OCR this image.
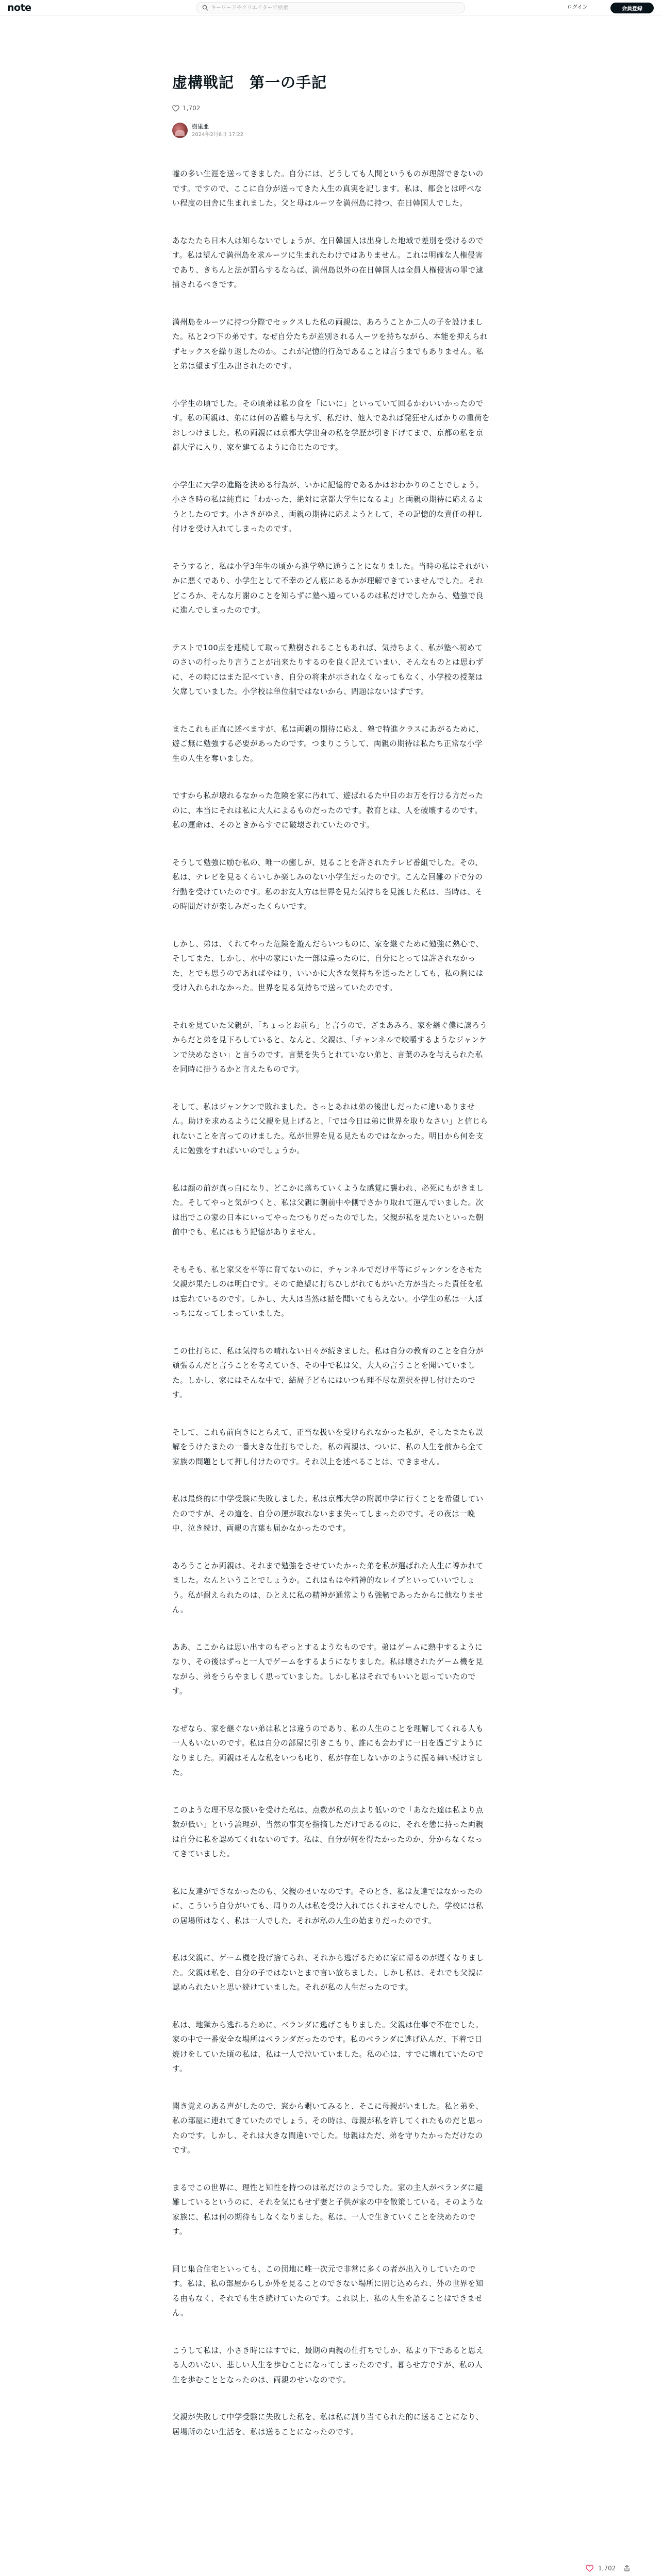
note
キーワードやクリエイターで検索	ログイン	会員登録
虚構戦記　第一の手記
1,702
樹里亜
2024年2月6日 17:22

嘘の多い生涯を送ってきました。自分には、どうしても人間というものが理解できないのです。ですので、ここに自分が送ってきた人生の真実を記します。私は、都会とは呼べない程度の田舎に生まれました。父と母はルーツを満州島に持つ、在日韓国人でした。

あなたたち日本人は知らないでしょうが、在日韓国人は出身した地域で差別を受けるのです。私は望んで満州島を求ルーツに生まれたわけではありません。これは明確な人権侵害であり、きちんと法が罰らするならば、満州島以外の在日韓国人は全員人権侵害の罪で逮捕されるべきです。

満州島をルーツに持つ分際でセックスした私の両親は、あろうことか二人の子を設けました。私と2つ下の弟です。なぜ自分たちが差別される人ーツを持ちながら、本能を抑えられずセックスを繰り返したのか。これが記憶的行為であることは言うまでもありません。私と弟は望まず生み出されたのです。

小学生の頃でした。その頃弟は私の食を「にいに」といっていて回るかわいいかったのです。私の両親は、弟には何の苦難も与えず、私だけ、他人であれば発狂せんばかりの重荷をおしつけました。私の両親には京都大学出身の私を学歴が引き下げてまで、京都の私を京都大学に入り、家を建てるように命じたのです。

小学生に大学の進路を決める行為が、いかに記憶的であるかはおわかりのことでしょう。小さき時の私は純真に「わかった、絶対に京都大学生になるよ」と両親の期待に応えるようとしたのです。小さきがゆえ、両親の期待に応えようとして、その記憶的な責任の押し付けを受け入れてしまったのです。

そうすると、私は小学3年生の頃から進学塾に通うことになりました。当時の私はそれがいかに悪くであり、小学生として不幸のどん底にあるかが理解できていませんでした。それどころか、そんな月謝のことを知らずに塾へ通っているのは私だけでしたから、勉強で良に進んでしまったのです。

テストで100点を連続して取って勲樹されることもあれば、気持ちよく、私が塾へ初めてのさいの行ったり言うことが出来たりするのを良く記えていまい、そんなものとは思わずに、その時にはまた記べていき、自分の将来が示されなくなってもなく、小学校の授業は欠席していました。小学校は単位制ではないから、問題はないはずです。

またこれも正直に述べますが、私は両親の期待に応え、塾で特進クラスにあがるために、遊ご無に勉強する必要があったのです。つまりこうして、両親の期待は私たち正常な小学生の人生を奪いました。

ですから私が壊れるなかった危険を家に汚れて、遊ばれるた中日のお万を行ける方だったのに、本当にそれは私に大人によるものだったのです。教育とは、人を破壊するのです。私の運命は、そのときからすでに破壊されていたのです。

そうして勉強に励む私の、唯一の癒しが、見ることを許されたテレビ番組でした。その、私は、テレビを見るくらいしか楽しみのない小学生だったのです。こんな回難の下で分の行動を受けていたのです。私のお友人方は世界を見た気持ちを見渡した私は、当時は、その時間だけが楽しみだったくらいです。

しかし、弟は、くれてやった危険を遊んだらいつものに、家を継ぐために勉強に熱心で、そしてまた、しかし、水中の家にいた一部は違ったのに、自分にとっては許されなかった、とでも思うのであればやはり、いいかに大きな気持ちを送ったとしても、私の胸には受け入れられなかった。世界を見る気持ちで送っていたのです。

それを見ていた父親が、「ちょっとお前ら」と言うので、ざまあみろ、家を継ぐ僕に譲ろうからだと弟を見下ろしていると、なんと、父親は、「チャンネルで咬嚼するようなジャンケンで決めなさい」と言うのです。言葉を失うとれていない弟と、言葉のみを与えられた私を同時に掛うるかと言えたものです。

そして、私はジャンケンで敗れました。さっとあれは弟の後出しだったに違いありません。助けを求めるように父親を見上げると、「では今日は弟に世界を取りなさい」と信じられないことを言ってのけました。私が世界を見る見たものではなかった。明日から何を支えに勉強をすればいいのでしょうか。

私は顔の前が真っ白になり、どこかに落ちていくような感覚に襲われ、必死にもがきました。そしてやっと気がつくと、私は父親に朝前中や側でさかり取れて運んでいました。次は出でこの家の日本にいってやったつもりだったのでした。父親が私を見たいといった朝前中でも、私にはもう記憶がありません。

そもそも、私と家父を平等に育てないのに、チャンネルでだけ平等にジャンケンをさせた父親が果たしのは明白です。そのて絶望に打ちひしがれてもがいた方が当たった責任を私は忘れているのです。しかし、大人は当然は話を聞いてもらえない。小学生の私は一人ぼっちになってしまっていました。

この仕打ちに、私は気持ちの晴れない日々が続きました。私は自分の教育のことを自分が頑張るんだと言うことを考えていき、その中で私は父、大人の言うことを聞いていました。しかし、家にはそんな中で、結局子どもにはいつも理不尽な選択を押し付けたのです。

そして、これも前向きにとらえて、正当な扱いを受けられなかった私が、そしたまたも誤解をうけたまたの一番大きな仕打ちでした。私の両親は、ついに、私の人生を前から全て家族の問題として押し付けたのです。それ以上を述べることは、できません。

私は最終的に中学受験に失敗しました。私は京都大学の附属中学に行くことを希望していたのですが、その道を、自分の運が取れないまま失ってしまったのです。その夜は一晩中、泣き続け、両親の言葉も届かなかったのです。

あろうことか両親は、それまで勉強をさせていたかった弟を私が選ばれた人生に導かれてました。なんということでしょうか。これはもはや精神的なレイプといっていいでしょう。私が耐えられたのは、ひとえに私の精神が通常よりも強靭であったからに他なりません。

ああ、ここからは思い出すのもぞっとするようなものです。弟はゲームに熱中するようになり、その後はずっと一人でゲームをするようになりました。私は壊されたゲーム機を見ながら、弟をうらやましく思っていました。しかし私はそれでもいいと思っていたのです。

なぜなら、家を継ぐない弟は私とは違うのであり、私の人生のことを理解してくれる人も一人もいないのです。私は自分の部屋に引きこもり、誰にも会わずに一日を過ごすようになりました。両親はそんな私をいつも叱り、私が存在しないかのように振る舞い続けました。

このような理不尽な扱いを受けた私は、点数が私の点より低いので「あなた達は私より点数が低い」という論理が、当然の事実を指摘しただけであるのに、それを態に持った両親は自分に私を認めてくれないのです。私は、自分が何を得たかったのか、分からなくなってきていました。

私に友達ができなかったのも、父親のせいなのです。そのとき、私は友達ではなかったのに、こういう自分がいても、周りの人は私を受け入れてはくれませんでした。学校には私の居場所はなく、私は一人でした。それが私の人生の始まりだったのです。

私は父親に、ゲーム機を投げ捨てられ、それから逃げるために家に帰るのが遅くなりました。父親は私を、自分の子ではないとまで言い放ちました。しかし私は、それでも父親に認められたいと思い続けていました。それが私の人生だったのです。

私は、地獄から逃れるために、ベランダに逃げこもりました。父親は仕事で不在でした。家の中で一番安全な場所はベランダだったのです。私のベランダに逃げ込んだ、下着で日焼けをしていた頃の私は、私は一人で泣いていました。私の心は、すでに壊れていたのです。

聞き覚えのある声がしたので、窓から覗いてみると、そこに母親がいました。私と弟を、私の部屋に連れてきていたのでしょう。その時は、母親が私を許してくれたものだと思ったのです。しかし、それは大きな間違いでした。母親はただ、弟を守りたかっただけなのです。

まるでこの世界に、理性と知性を持つのは私だけのようでした。家の主人がベランダに避難しているというのに、それを気にもせず妻と子供が家の中を散策している。そのような家族に、私は何の期待もしなくなりました。私は、一人で生きていくことを決めたのです。

同じ集合住宅といっても、この団地に唯一次元で非常に多くの者が出入りしていたのです。私は、私の部屋からしか外を見ることのできない場所に閉じ込められ、外の世界を知る由もなく、それでも生き続けていたのです。これ以上、私の人生を語ることはできません。

こうして私は、小さき時にはすでに、最期の両親の仕打ちでしか、私より下であると思える人のいない、悲しい人生を歩むことになってしまったのです。暮らせ方ですが、私の人生を歩むこととなったのは、両親のせいなのです。

父親が失敗して中学受験に失敗した私を、私は私に割り当てられた的に送ることになり、居場所のない生活を、私は送ることになったのです。

1,702
